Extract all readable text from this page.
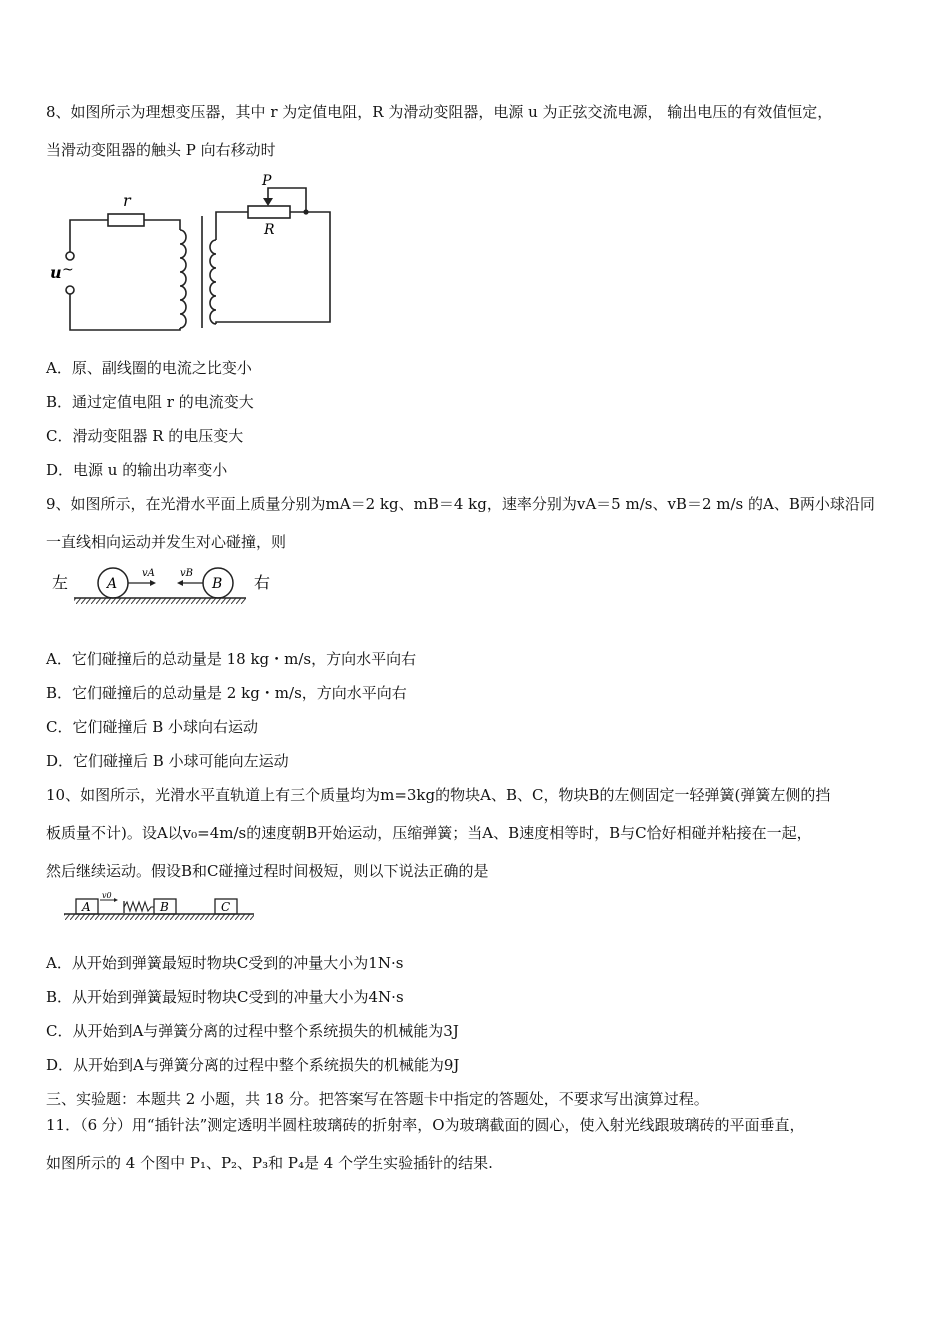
8、如图所示为理想变压器，其中 r 为定值电阻，R 为滑动变阻器，电源 u 为正弦交流电源， 输出电压的有效值恒定，
当滑动变阻器的触头 P 向右移动时
r
P
R
u ~
A．原、副线圈的电流之比变小
B．通过定值电阻 r 的电流变大
C．滑动变阻器 R 的电压变大
D．电源 u 的输出功率变小
9、如图所示，在光滑水平面上质量分别为mA＝2 kg、mB＝4 kg，速率分别为vA＝5 m/s、vB＝2 m/s 的A、B两小球沿同
一直线相向运动并发生对心碰撞，则
左	右
A	B
vA	vB
A．它们碰撞后的总动量是 18 kg・m/s，方向水平向右
B．它们碰撞后的总动量是 2 kg・m/s，方向水平向右
C．它们碰撞后 B 小球向右运动
D．它们碰撞后 B 小球可能向左运动
10、如图所示，光滑水平直轨道上有三个质量均为m=3kg的物块A、B、C，物块B的左侧固定一轻弹簧(弹簧左侧的挡
板质量不计)。设A以v₀=4m/s的速度朝B开始运动，压缩弹簧；当A、B速度相等时，B与C恰好相碰并粘接在一起，
然后继续运动。假设B和C碰撞过程时间极短，则以下说法正确的是
A	B	C
v0
A．从开始到弹簧最短时物块C受到的冲量大小为1N·s
B．从开始到弹簧最短时物块C受到的冲量大小为4N·s
C．从开始到A与弹簧分离的过程中整个系统损失的机械能为3J
D．从开始到A与弹簧分离的过程中整个系统损失的机械能为9J
三、实验题：本题共 2 小题，共 18 分。把答案写在答题卡中指定的答题处，不要求写出演算过程。
11．（6 分）用“插针法”测定透明半圆柱玻璃砖的折射率，O为玻璃截面的圆心，使入射光线跟玻璃砖的平面垂直，
如图所示的 4 个图中 P₁、P₂、P₃和 P₄是 4 个学生实验插针的结果.
